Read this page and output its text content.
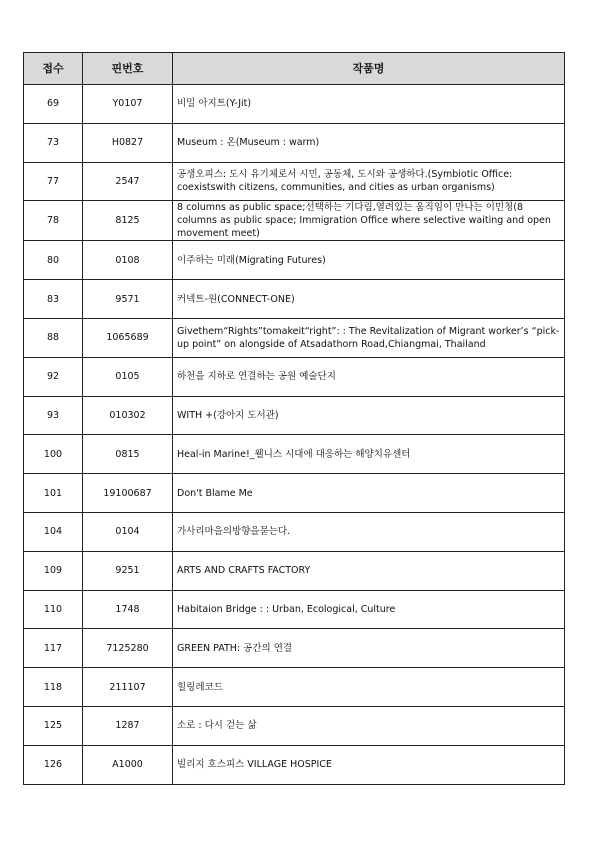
접수	핀번호	작품명
69	Y0107	비밀 아지트(Y-Jit)
73	H0827	Museum : 온(Museum : warm)
77	2547	공생오피스: 도시 유기체로서 시민, 공동체, 도시와 공생하다.(Symbiotic Office: coexistswith citizens, communities, and cities as urban organisms)
78	8125	8 columns as public space;선택하는 기다림,열려있는 움직임이 만나는 이민청(8 columns as public space; Immigration Office where selective waiting and open movement meet)
80	0108	이주하는 미래(Migrating Futures)
83	9571	커넥트-원(CONNECT-ONE)
88	1065689	Givethem“Rights”tomakeit“right”: : The Revitalization of Migrant worker’s “pick-up point” on alongside of Atsadathorn Road,Chiangmai, Thailand
92	0105	하천을 지하로 연결하는 공원 예술단지
93	010302	WITH +(강아지 도서관)
100	0815	Heal-in Marine!_웰니스 시대에 대응하는 해양치유센터
101	19100687	Don't Blame Me
104	0104	가사리마을의방향을묻는다.
109	9251	ARTS AND CRAFTS FACTORY
110	1748	Habitaion Bridge : : Urban, Ecological, Culture
117	7125280	GREEN PATH: 공간의 연결
118	211107	힐링레코드
125	1287	소로 : 다시 걷는 삶
126	A1000	빌리지 호스피스 VILLAGE HOSPICE
